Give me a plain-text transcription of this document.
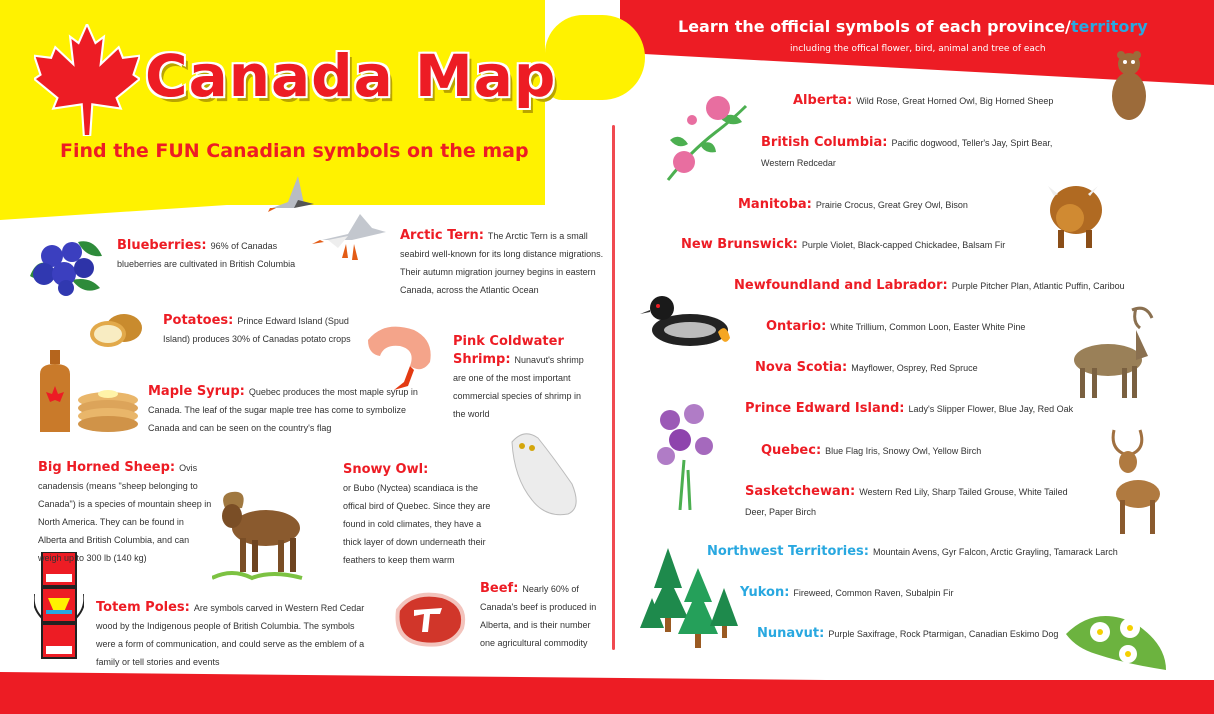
Canada Map
Find the FUN Canadian symbols on the map
Learn the official symbols of each province/territory
including the offical flower, bird, animal and tree of each
Blueberries: 96% of Canadas blueberries are cultivated in British Columbia
Arctic Tern: The Arctic Tern is a small seabird well-known for its long distance migrations. Their autumn migration journey begins in eastern Canada, across the Atlantic Ocean
Potatoes: Prince Edward Island (Spud Island) produces 30% of Canadas potato crops	Pink Coldwater Shrimp: Nunavut's shrimp are one of the most important commercial species of shrimp in the world
Maple Syrup: Quebec produces the most maple syrup in Canada. The leaf of the sugar maple tree has come to symbolize Canada and can be seen on the country's flag
Big Horned Sheep: Ovis canadensis (means "sheep belonging to Canada") is a species of mountain sheep in North America. They can be found in Alberta and British Columbia, and can weigh up to 300 lb (140 kg)
Snowy Owl:
or Bubo (Nyctea) scandiaca is the offical bird of Quebec. Since they are found in cold climates, they have a thick layer of down underneath their feathers to keep them warm
Totem Poles: Are symbols carved in Western Red Cedar wood by the Indigenous people of British Columbia. The symbols were a form of communication, and could serve as the emblem of a family or tell stories and events
Beef: Nearly 60% of Canada's beef is produced in Alberta, and is their number one agricultural commodity
Alberta: Wild Rose, Great Horned Owl, Big Horned Sheep
British Columbia: Pacific dogwood, Teller's Jay, Spirt Bear, Western Redcedar
Manitoba: Prairie Crocus, Great Grey Owl, Bison
New Brunswick: Purple Violet, Black-capped Chickadee, Balsam Fir
Newfoundland and Labrador: Purple Pitcher Plan, Atlantic Puffin, Caribou
Ontario: White Trillium, Common Loon, Easter White Pine
Nova Scotia: Mayflower, Osprey, Red Spruce
Prince Edward Island: Lady's Slipper Flower, Blue Jay, Red Oak
Quebec: Blue Flag Iris, Snowy Owl, Yellow Birch
Sasketchewan: Western Red Lily, Sharp Tailed Grouse, White Tailed Deer, Paper Birch
Northwest Territories: Mountain Avens, Gyr Falcon, Arctic Grayling, Tamarack Larch
Yukon: Fireweed, Common Raven, Subalpin Fir
Nunavut: Purple Saxifrage, Rock Ptarmigan, Canadian Eskimo Dog
